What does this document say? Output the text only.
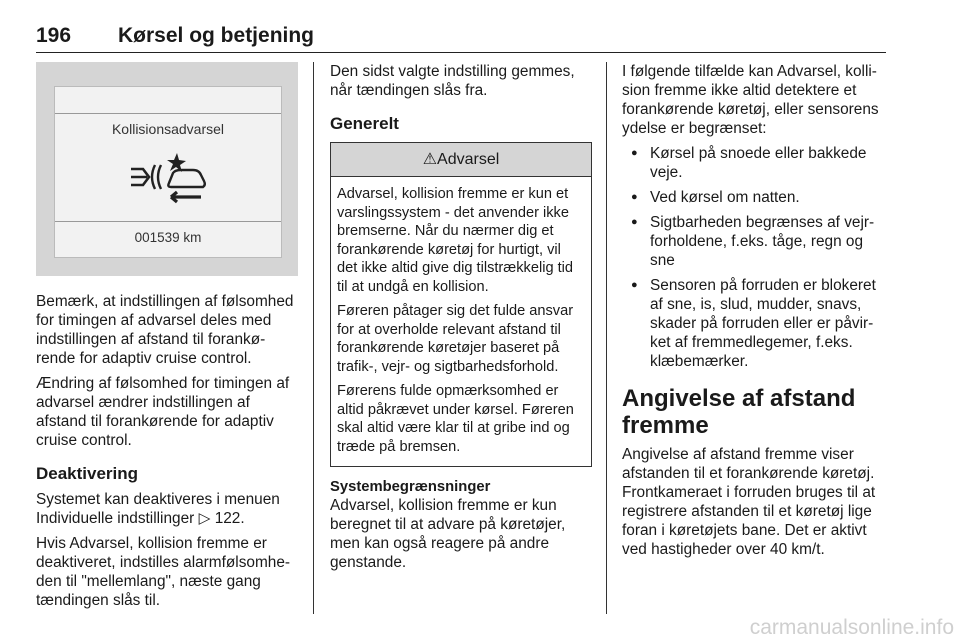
196 Kørsel og betjening
Kollisionsadvarsel
001539 km

Bemærk, at indstillingen af følsomhed for timingen af advarsel deles med indstillingen af afstand til forankørende for adaptiv cruise control.

Ændring af følsomhed for timingen af advarsel ændrer indstillingen af afstand til forankørende for adaptiv cruise control.

Deaktivering

Systemet kan deaktiveres i menuen Individuelle indstillinger ▷ 122.

Hvis Advarsel, kollision fremme er deaktiveret, indstilles alarmfølsomheden til "mellemlang", næste gang tændingen slås til.

Den sidst valgte indstilling gemmes, når tændingen slås fra.

Generelt
⚠Advarsel

Advarsel, kollision fremme er kun et varslingssystem - det anvender ikke bremserne. Når du nærmer dig et forankørende køretøj for hurtigt, vil det ikke altid give dig tilstrækkelig tid til at undgå en kollision.

Føreren påtager sig det fulde ansvar for at overholde relevant afstand til forankørende køretøjer baseret på trafik-, vejr- og sigtbarhedsforhold.

Førerens fulde opmærksomhed er altid påkrævet under kørsel. Føreren skal altid være klar til at gribe ind og træde på bremsen.

Systembegrænsninger

Advarsel, kollision fremme er kun beregnet til at advare på køretøjer, men kan også reagere på andre genstande.

I følgende tilfælde kan Advarsel, kollision fremme ikke altid detektere et forankørende køretøj, eller sensorens ydelse er begrænset:

● Kørsel på snoede eller bakkede veje.
● Ved kørsel om natten.
● Sigtbarheden begrænses af vejrforholdene, f.eks. tåge, regn og sne
● Sensoren på forruden er blokeret af sne, is, slud, mudder, snavs, skader på forruden eller er påvirket af fremmedlegemer, f.eks. klæbemærker.
Angivelse af afstand fremme

Angivelse af afstand fremme viser afstanden til et forankørende køretøj. Frontkameraet i forruden bruges til at registrere afstanden til et køretøj lige foran i køretøjets bane. Det er aktivt ved hastigheder over 40 km/t.

carmanualsonline.info
